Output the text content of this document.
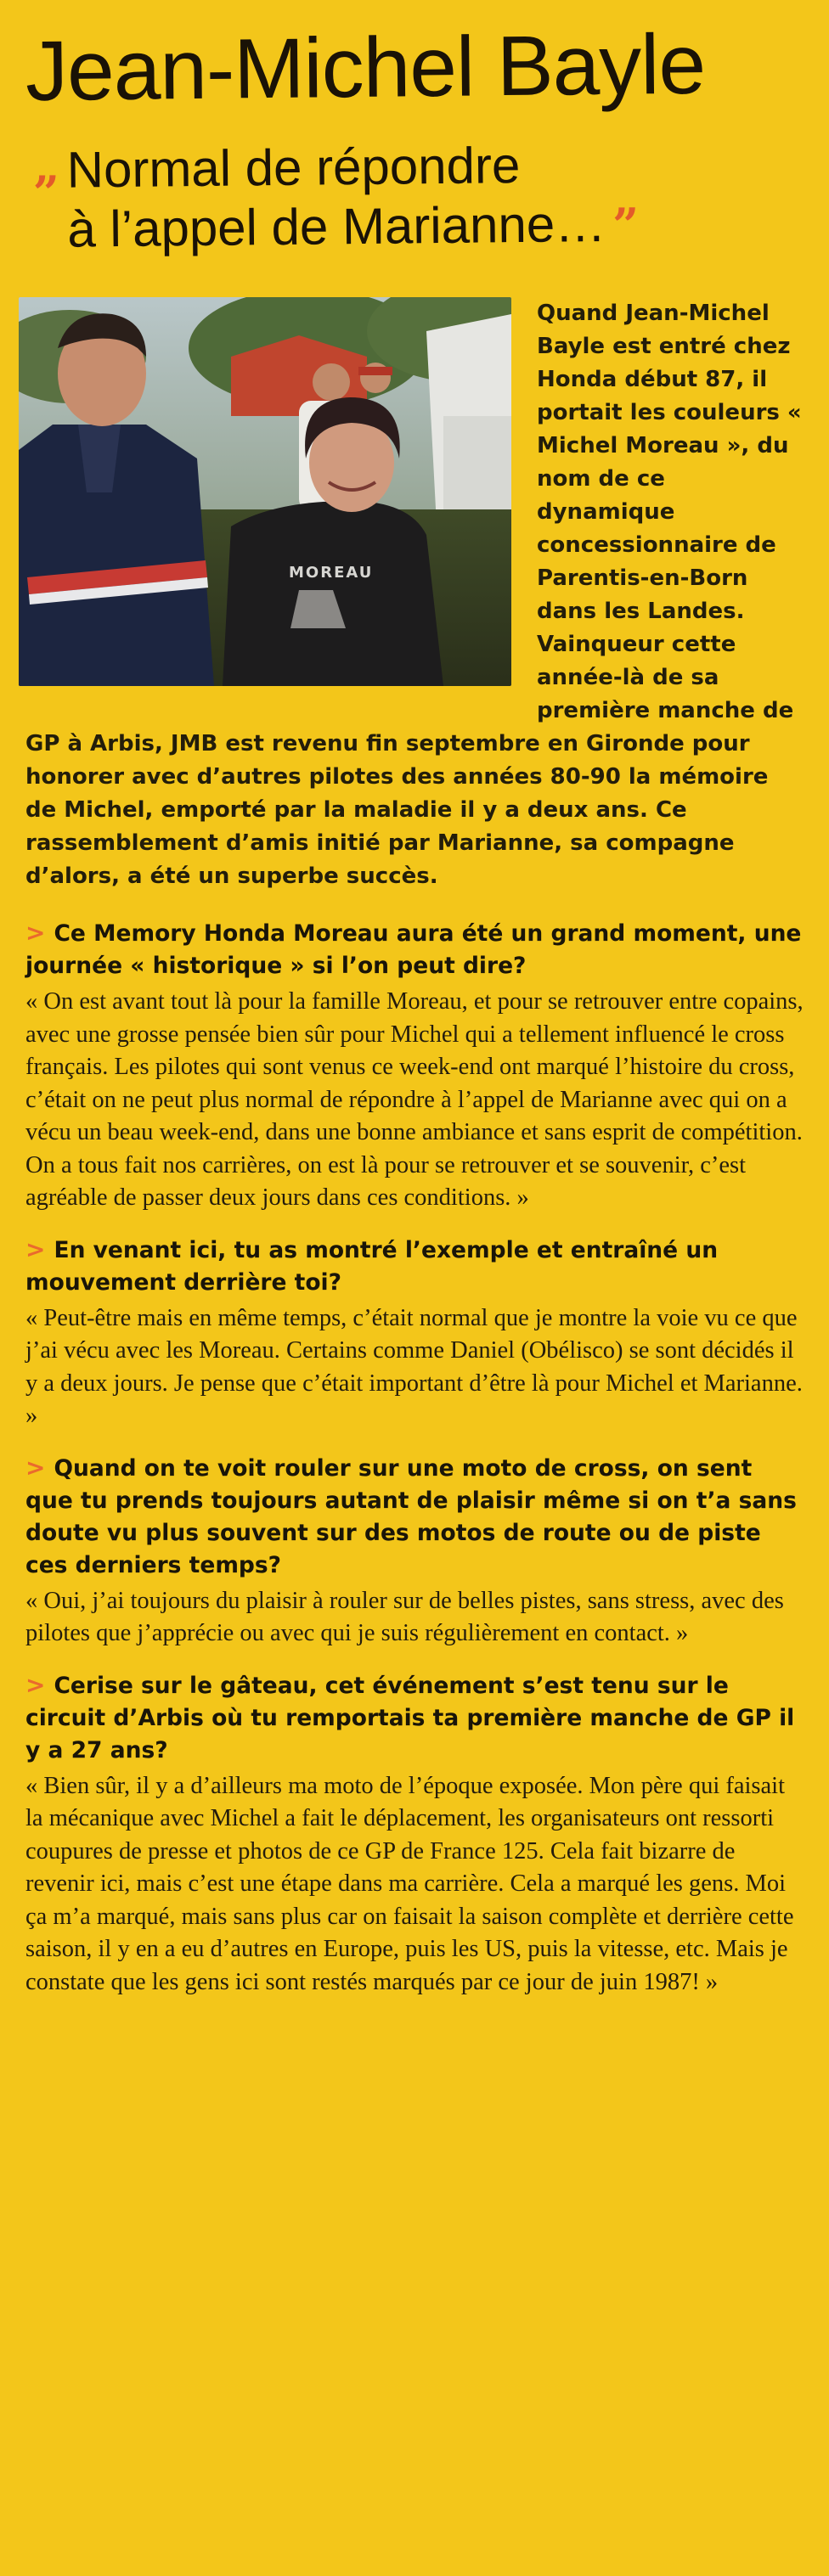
Jean-Michel Bayle
„ Normal de répondre
à l’appel de Marianne… ”
MOREAU

Quand Jean-Michel Bayle est entré chez Honda début 87, il portait les couleurs « Michel Moreau », du nom de ce dynamique concessionnaire de Parentis-en-Born dans les Landes. Vainqueur cette année-là de sa première manche de GP à Arbis, JMB est revenu fin septembre en Gironde pour honorer avec d’autres pilotes des années 80-90 la mémoire de Michel, emporté par la maladie il y a deux ans. Ce rassemblement d’amis initié par Marianne, sa compagne d’alors, a été un superbe succès.

> Ce Memory Honda Moreau aura été un grand moment, une journée « historique » si l’on peut dire?

« On est avant tout là pour la famille Moreau, et pour se retrouver entre copains, avec une grosse pensée bien sûr pour Michel qui a tellement influencé le cross français. Les pilotes qui sont venus ce week-end ont marqué l’histoire du cross, c’était on ne peut plus normal de répondre à l’appel de Marianne avec qui on a vécu un beau week-end, dans une bonne ambiance et sans esprit de compétition. On a tous fait nos carrières, on est là pour se retrouver et se souvenir, c’est agréable de passer deux jours dans ces conditions. »

> En venant ici, tu as montré l’exemple et entraîné un mouvement derrière toi?

« Peut-être mais en même temps, c’était normal que je montre la voie vu ce que j’ai vécu avec les Moreau. Certains comme Daniel (Obélisco) se sont décidés il y a deux jours. Je pense que c’était important d’être là pour Michel et Marianne. »

> Quand on te voit rouler sur une moto de cross, on sent que tu prends toujours autant de plaisir même si on t’a sans doute vu plus souvent sur des motos de route ou de piste ces derniers temps?

« Oui, j’ai toujours du plaisir à rouler sur de belles pistes, sans stress, avec des pilotes que j’apprécie ou avec qui je suis régulièrement en contact. »

> Cerise sur le gâteau, cet événement s’est tenu sur le circuit d’Arbis où tu remportais ta première manche de GP il y a 27 ans?

« Bien sûr, il y a d’ailleurs ma moto de l’époque exposée. Mon père qui faisait la mécanique avec Michel a fait le déplacement, les organisateurs ont ressorti coupures de presse et photos de ce GP de France 125. Cela fait bizarre de revenir ici, mais c’est une étape dans ma carrière. Cela a marqué les gens. Moi ça m’a marqué, mais sans plus car on faisait la saison complète et derrière cette saison, il y en a eu d’autres en Europe, puis les US, puis la vitesse, etc. Mais je constate que les gens ici sont restés marqués par ce jour de juin 1987! »
